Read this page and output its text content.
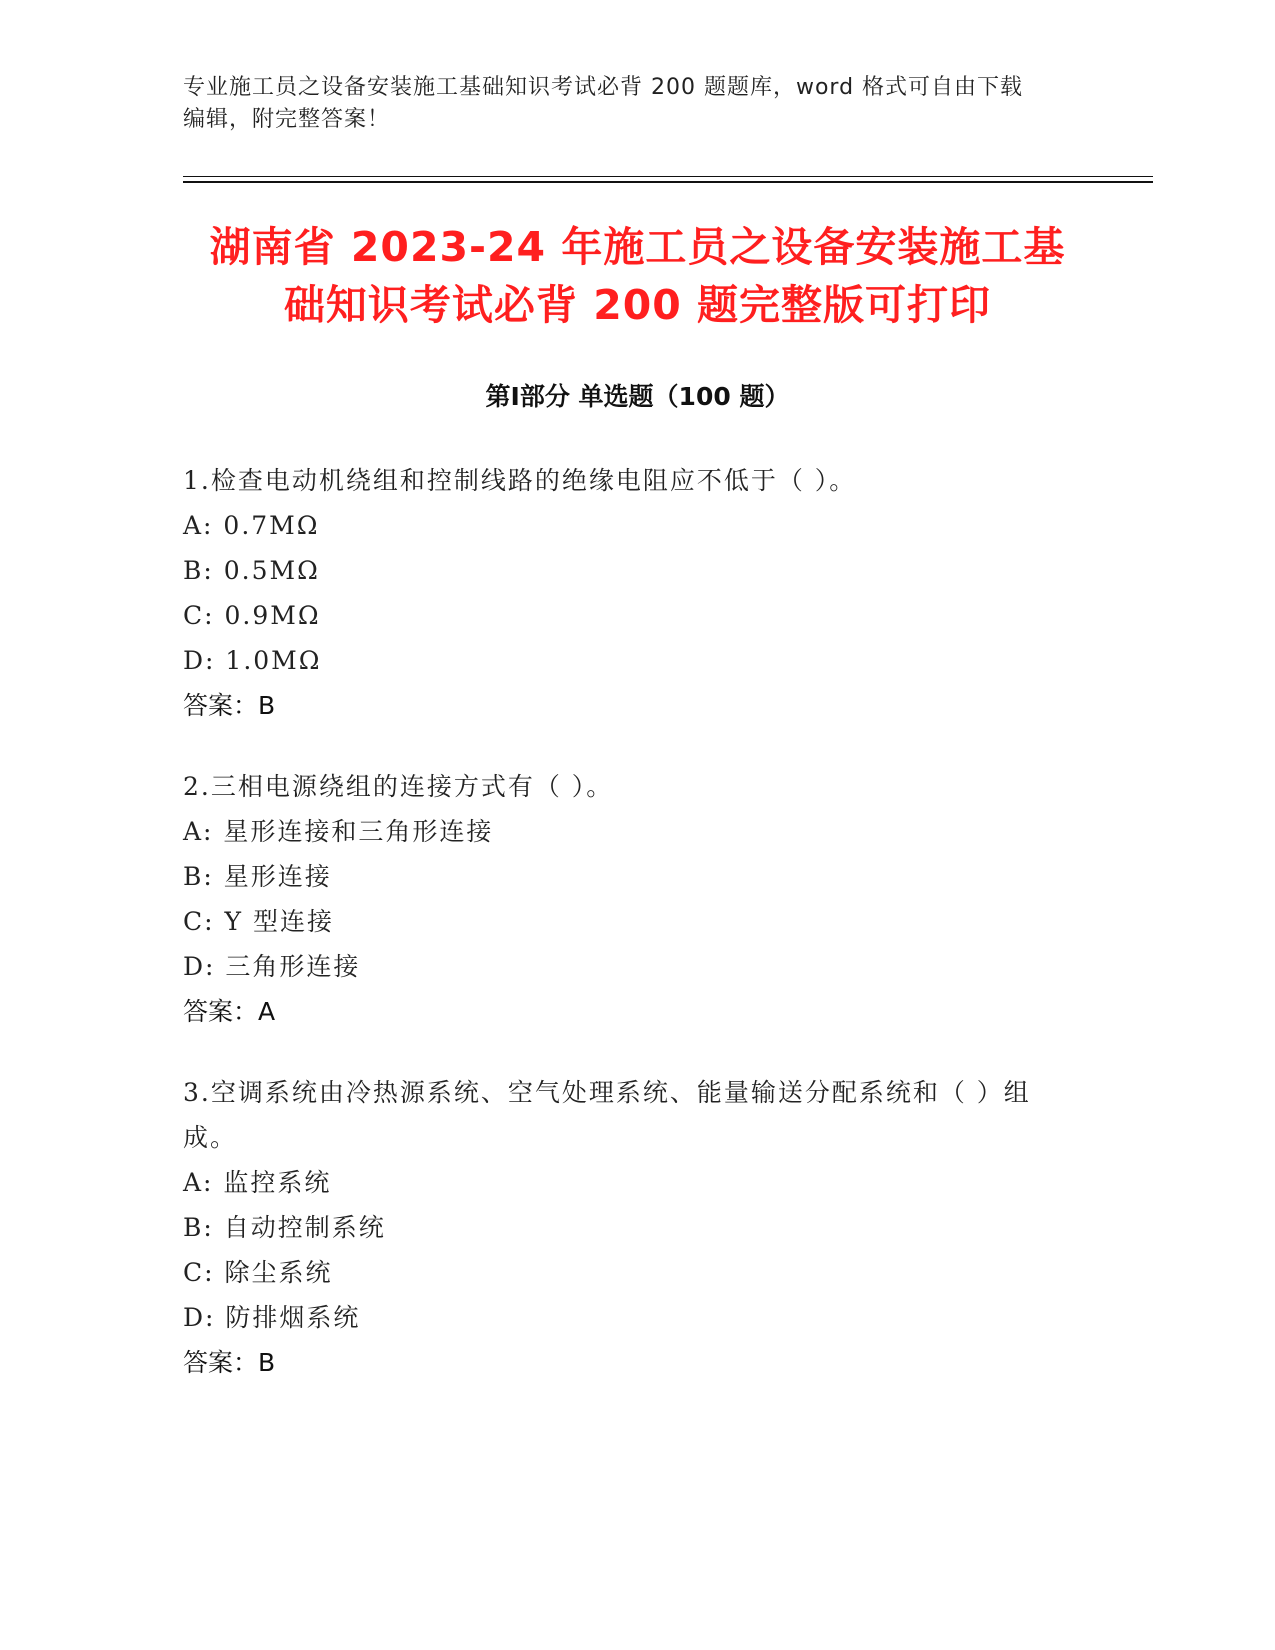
专业施工员之设备安装施工基础知识考试必背 200 题题库，word 格式可自由下载
编辑，附完整答案！
湖南省 2023-24 年施工员之设备安装施工基
础知识考试必背 200 题完整版可打印
第Ⅰ部分 单选题（100 题）

1.检查电动机绕组和控制线路的绝缘电阻应不低于（ ）。

A: 0.7MΩ

B: 0.5MΩ

C: 0.9MΩ

D: 1.0MΩ

答案：B

2.三相电源绕组的连接方式有（ ）。

A: 星形连接和三角形连接

B: 星形连接

C: Y 型连接

D: 三角形连接

答案：A

3.空调系统由冷热源系统、空气处理系统、能量输送分配系统和（ ）组成。

A: 监控系统

B: 自动控制系统

C: 除尘系统

D: 防排烟系统

答案：B
